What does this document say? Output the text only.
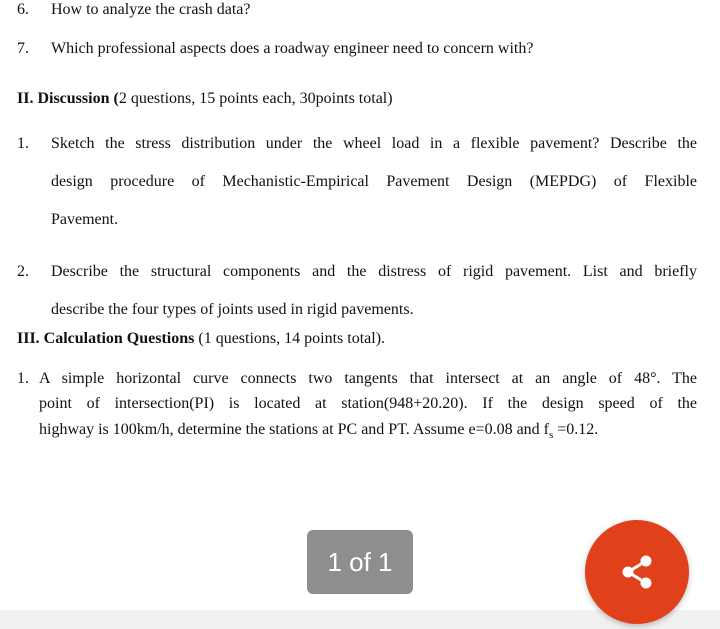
6. How to analyze the crash data?
7. Which professional aspects does a roadway engineer need to concern with?
II. Discussion (2 questions, 15 points each, 30points total)
1. Sketch the stress distribution under the wheel load in a flexible pavement? Describe the
design procedure of Mechanistic-Empirical Pavement Design (MEPDG) of Flexible
Pavement.
2. Describe the structural components and the distress of rigid pavement. List and briefly
describe the four types of joints used in rigid pavements.
III. Calculation Questions (1 questions, 14 points total).
1. A simple horizontal curve connects two tangents that intersect at an angle of 48°. The
point of intersection(PI) is located at station(948+20.20). If the design speed of the
highway is 100km/h, determine the stations at PC and PT. Assume e=0.08 and $f_s =0.12$.
1 of 1
